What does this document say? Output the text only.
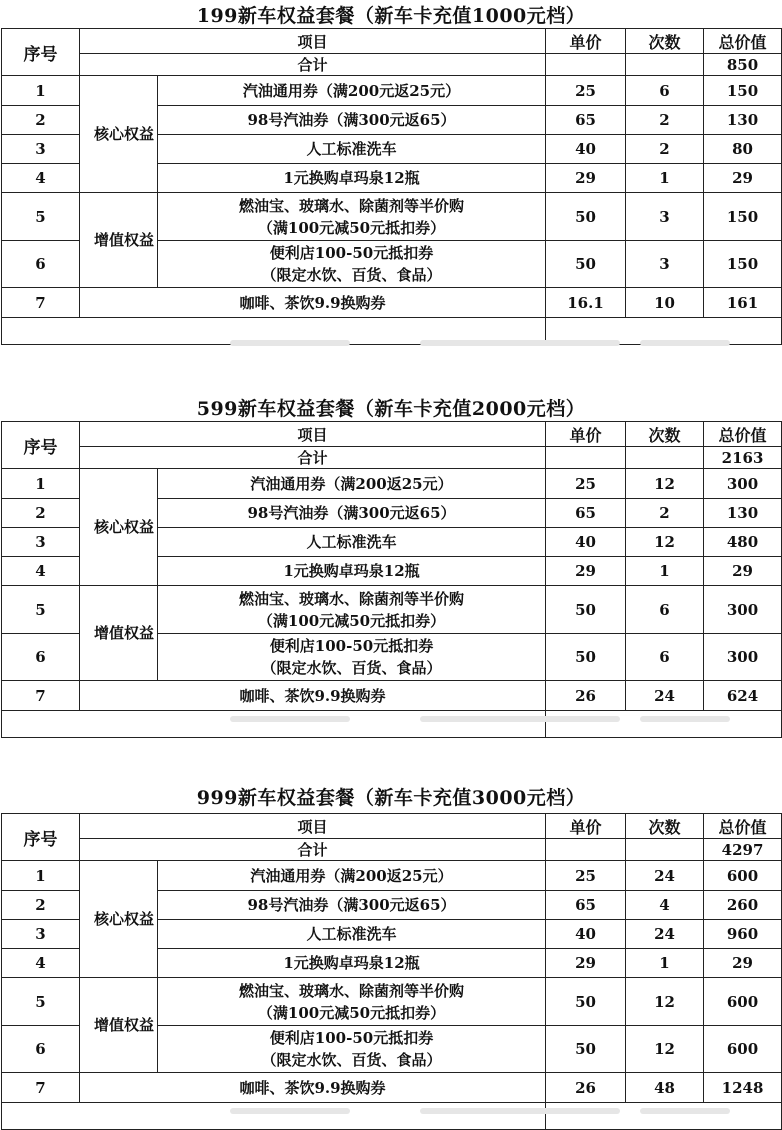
199新车权益套餐（新车卡充值1000元档）
序号	项目		单价	次数	总价值
	合计				850
1	核心权益	汽油通用券（满200元返25元）	25	6	150
2		98号汽油券（满300元返65）	65	2	130
3		人工标准洗车	40	2	80
4		1元换购卓玛泉12瓶	29	1	29
5	增值权益	燃油宝、玻璃水、除菌剂等半价购
（满100元减50元抵扣券）	50	3	150
6		便利店100-50元抵扣券
（限定水饮、百货、食品）	50	3	150
7	咖啡、茶饮9.9换购券		16.1	10	161

599新车权益套餐（新车卡充值2000元档）
序号	项目		单价	次数	总价值
	合计				2163
1	核心权益	汽油通用券（满200返25元）	25	12	300
2		98号汽油券（满300元返65）	65	2	130
3		人工标准洗车	40	12	480
4		1元换购卓玛泉12瓶	29	1	29
5	增值权益	燃油宝、玻璃水、除菌剂等半价购
（满100元减50元抵扣券）	50	6	300
6		便利店100-50元抵扣券
（限定水饮、百货、食品）	50	6	300
7	咖啡、茶饮9.9换购券		26	24	624

999新车权益套餐（新车卡充值3000元档）
序号	项目		单价	次数	总价值
	合计				4297
1	核心权益	汽油通用券（满200返25元）	25	24	600
2		98号汽油券（满300元返65）	65	4	260
3		人工标准洗车	40	24	960
4		1元换购卓玛泉12瓶	29	1	29
5	增值权益	燃油宝、玻璃水、除菌剂等半价购
（满100元减50元抵扣券）	50	12	600
6		便利店100-50元抵扣券
（限定水饮、百货、食品）	50	12	600
7	咖啡、茶饮9.9换购券		26	48	1248
